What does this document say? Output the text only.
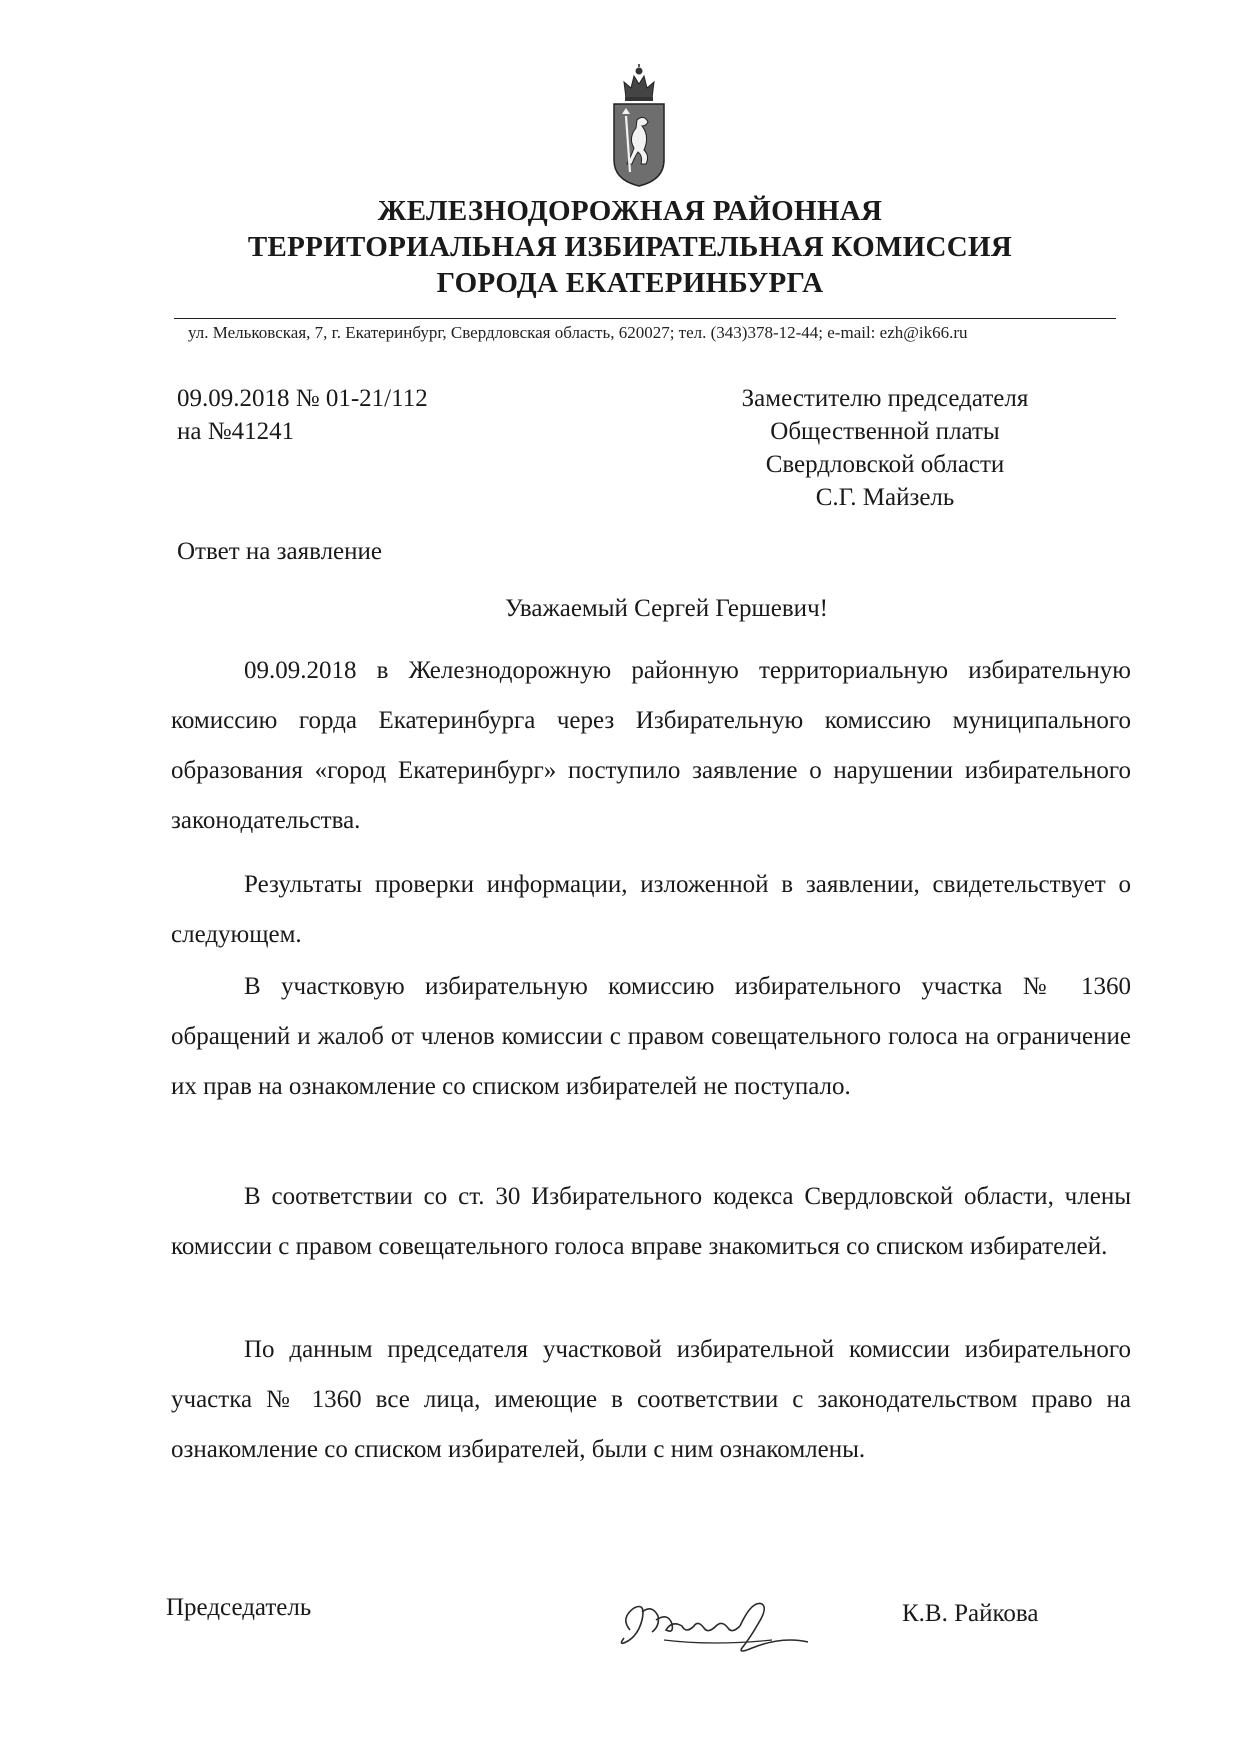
ЖЕЛЕЗНОДОРОЖНАЯ РАЙОННАЯ
ТЕРРИТОРИАЛЬНАЯ ИЗБИРАТЕЛЬНАЯ КОМИССИЯ
ГОРОДА ЕКАТЕРИНБУРГА
ул. Мельковская, 7, г. Екатеринбург, Свердловская область, 620027; тел. (343)378-12-44; e-mail: ezh@ik66.ru
09.09.2018 № 01-21/112
на №41241
Заместителю председателя
Общественной платы
Свердловской области
С.Г. Майзель
Ответ на заявление
Уважаемый Сергей Гершевич!

09.09.2018 в Железнодорожную районную территориальную избирательную комиссию горда Екатеринбурга через Избирательную комиссию муниципального образования «город Екатеринбург» поступило заявление о нарушении избирательного законодательства.

Результаты проверки информации, изложенной в заявлении, свидетельствует о следующем.

В участковую избирательную комиссию избирательного участка № 1360 обращений и жалоб от членов комиссии с правом совещательного голоса на ограничение их прав на ознакомление со списком избирателей не поступало.

В соответствии со ст. 30 Избирательного кодекса Свердловской области, члены комиссии с правом совещательного голоса вправе знакомиться со списком избирателей.

По данным председателя участковой избирательной комиссии избирательного участка № 1360 все лица, имеющие в соответствии с законодательством право на ознакомление со списком избирателей, были с ним ознакомлены.

Председатель	К.В. Райкова
